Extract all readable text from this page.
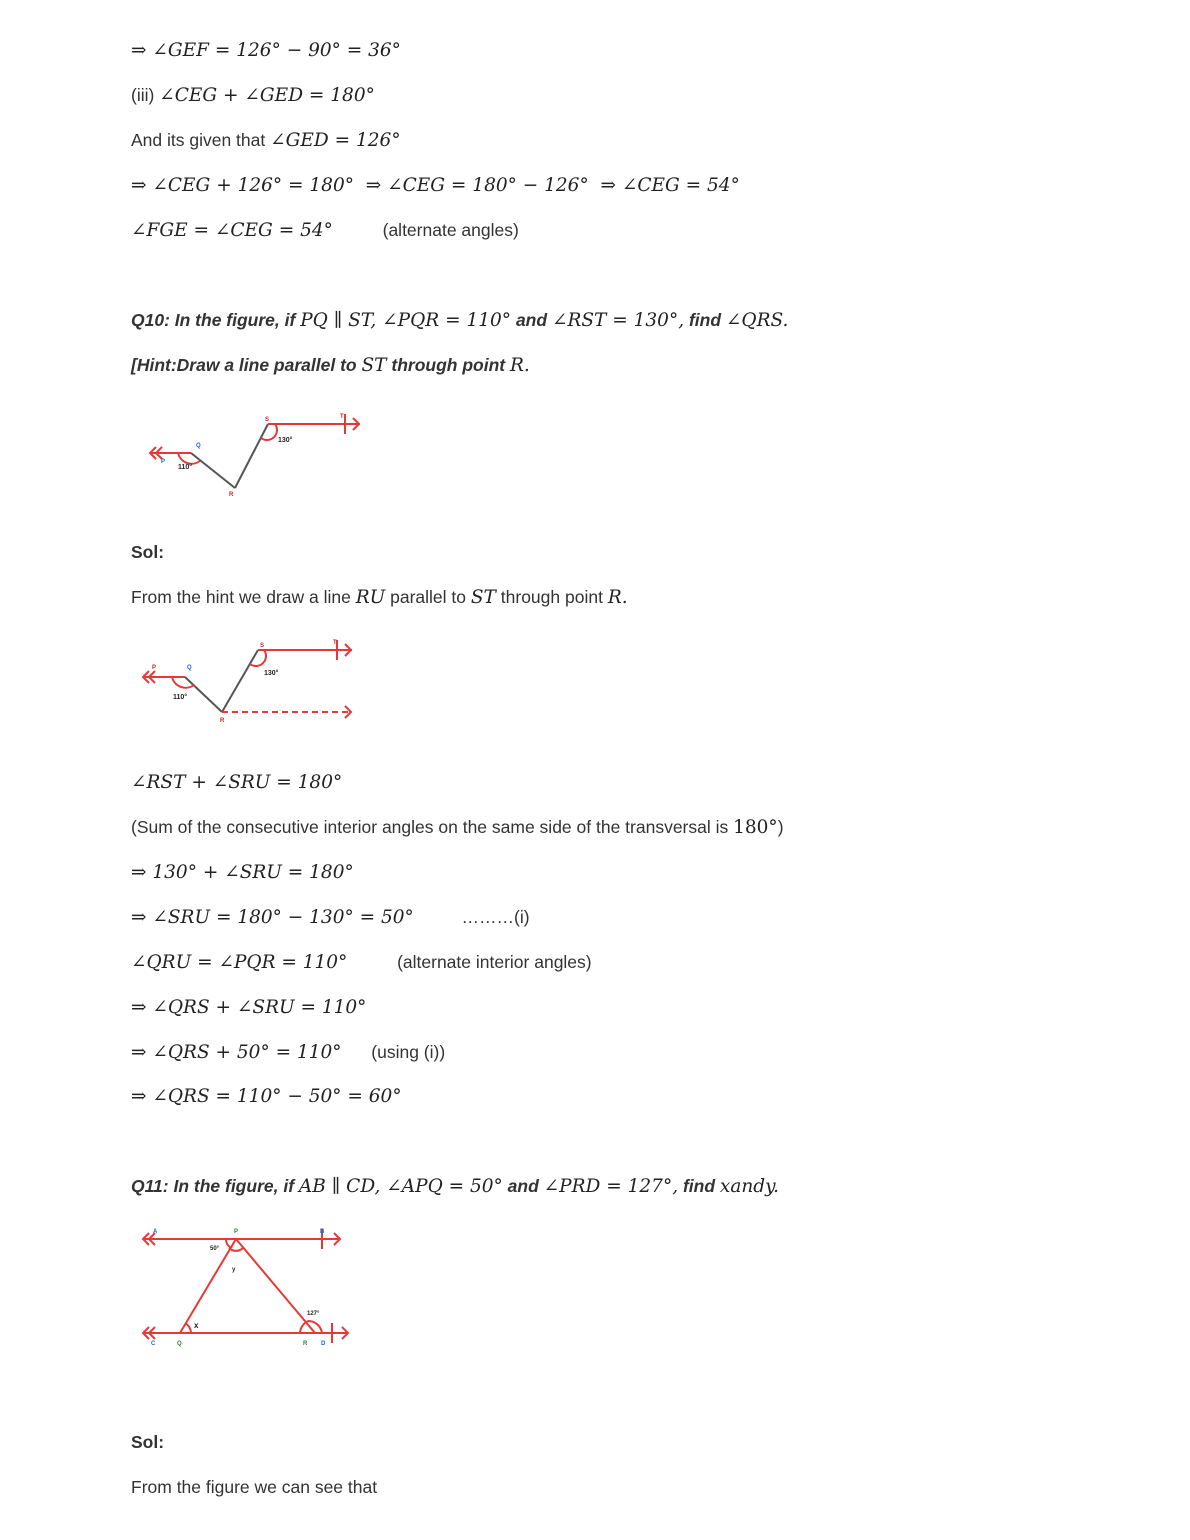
⇒ ∠GEF = 126° − 90° = 36°
(iii) ∠CEG + ∠GED = 180°
And its given that ∠GED = 126°
⇒ ∠CEG + 126° = 180°  ⇒ ∠CEG = 180° − 126°  ⇒ ∠CEG = 54°
∠FGE = ∠CEG = 54°	(alternate angles)
Q10: In the figure, if PQ ∥ ST, ∠PQR = 110° and ∠RST = 130°, find ∠QRS.
[Hint:Draw a line parallel to ST through point R.
Q
P
R
S	T
110°
130°
Sol:
From the hint we draw a line RU parallel to ST through point R.
Q
P
R
S	T
110°
130°
∠RST + ∠SRU = 180°
(Sum of the consecutive interior angles on the same side of the transversal is 180°)
⇒ 130° + ∠SRU = 180°
⇒ ∠SRU = 180° − 130° = 50°	………(i)
∠QRU = ∠PQR = 110°	(alternate interior angles)
⇒ ∠QRS + ∠SRU = 110°
⇒ ∠QRS + 50° = 110° (using (i))
⇒ ∠QRS = 110° − 50° = 60°
Q11: In the figure, if AB ∥ CD, ∠APQ = 50° and ∠PRD = 127°, find xandy.
A	P	B
C	Q	R D
x
y
50°
127°
Sol:
From the figure we can see that
